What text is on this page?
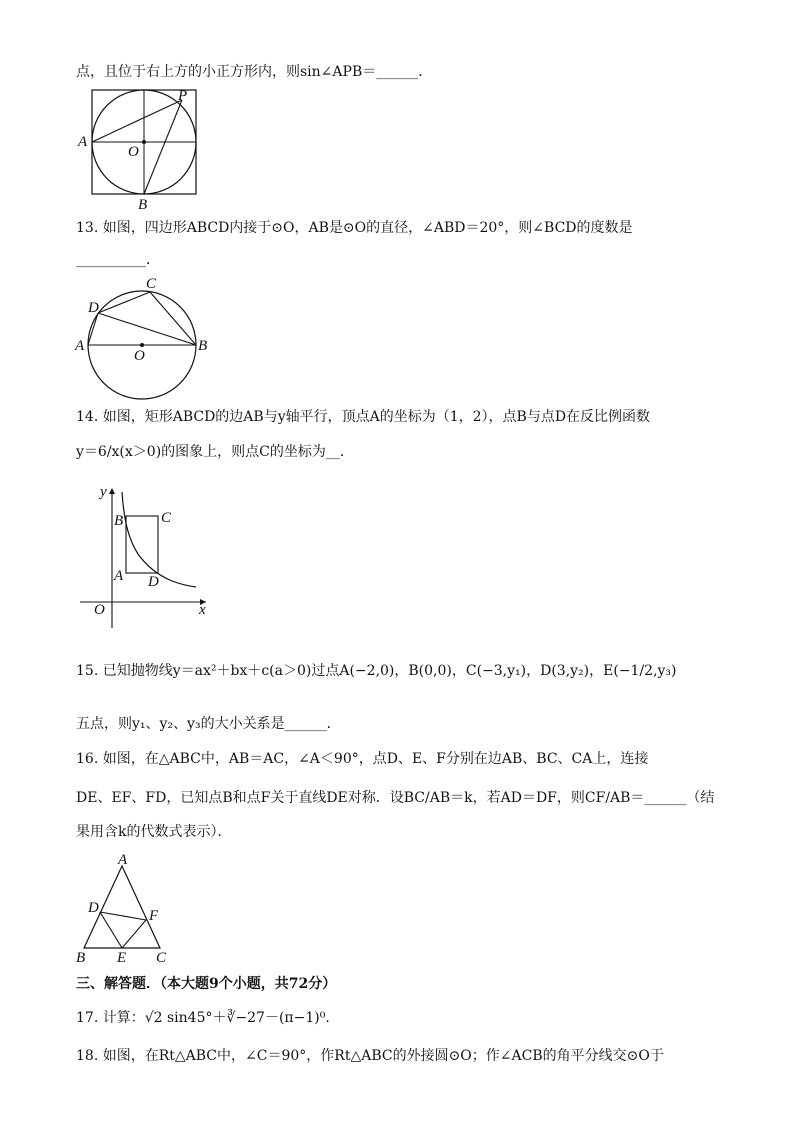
点，且位于右上方的小正方形内，则sin∠APB＝______．
A
P
O
B
13. 如图，四边形ABCD内接于⊙O，AB是⊙O的直径，∠ABD＝20°，则∠BCD的度数是
__________．
C
D
A
O
B
14. 如图，矩形ABCD的边AB与y轴平行，顶点A的坐标为（1，2），点B与点D在反比例函数
y＝6/x(x＞0)的图象上，则点C的坐标为__．
y
B	C
A D
O	x
15. 已知抛物线y＝ax²＋bx＋c(a＞0)过点A(−2,0)，B(0,0)，C(−3,y₁)，D(3,y₂)，E(−1/2,y₃)
五点，则y₁、y₂、y₃的大小关系是______．
16. 如图，在△ABC中，AB＝AC，∠A＜90°，点D、E、F分别在边AB、BC、CA上，连接
DE、EF、FD，已知点B和点F关于直线DE对称．设BC/AB＝k，若AD＝DF，则CF/AB＝______（结
果用含k的代数式表示）．
A
D	F
B E C
三、解答题．（本大题9个小题，共72分）
17. 计算：√2 sin45°＋∛−27－(π−1)⁰．
18. 如图，在Rt△ABC中，∠C＝90°，作Rt△ABC的外接圆⊙O；作∠ACB的角平分线交⊙O于
